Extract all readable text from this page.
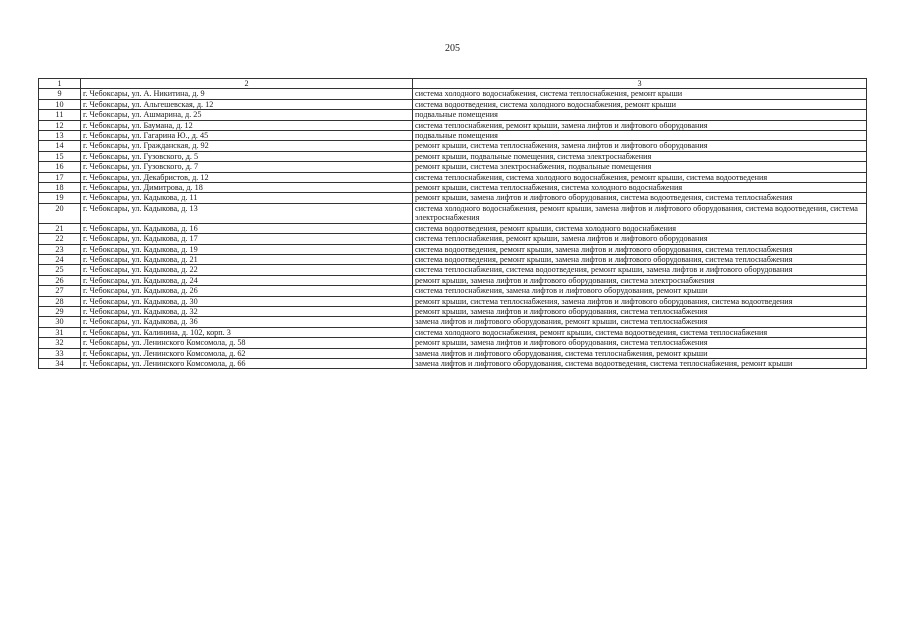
205
1	2	3
9	г. Чебоксары, ул. А. Никитина, д. 9	система холодного водоснабжения, система теплоснабжения, ремонт крыши
10	г. Чебоксары, ул. Альгешевская, д. 12	система водоотведения, система холодного водоснабжения, ремонт крыши
11	г. Чебоксары, ул. Ашмарина, д. 25	подвальные помещения
12	г. Чебоксары, ул. Баумана, д. 12	система теплоснабжения, ремонт крыши, замена лифтов и лифтового оборудования
13	г. Чебоксары, ул. Гагарина Ю., д. 45	подвальные помещения
14	г. Чебоксары, ул. Гражданская, д. 92	ремонт крыши, система теплоснабжения, замена лифтов и лифтового оборудования
15	г. Чебоксары, ул. Гузовского, д. 5	ремонт крыши, подвальные помещения, система электроснабжения
16	г. Чебоксары, ул. Гузовского, д. 7	ремонт крыши, система электроснабжения, подвальные помещения
17	г. Чебоксары, ул. Декабристов, д. 12	система теплоснабжения, система холодного водоснабжения, ремонт крыши, система водоотведения
18	г. Чебоксары, ул. Димитрова, д. 18	ремонт крыши, система теплоснабжения, система холодного водоснабжения
19	г. Чебоксары, ул. Кадыкова, д. 11	ремонт крыши, замена лифтов и лифтового оборудования, система водоотведения, система теплоснабжения
20	г. Чебоксары, ул. Кадыкова, д. 13	система холодного водоснабжения, ремонт крыши, замена лифтов и лифтового оборудования, система водоотведения, система электроснабжения
21	г. Чебоксары, ул. Кадыкова, д. 16	система водоотведения, ремонт крыши, система холодного водоснабжения
22	г. Чебоксары, ул. Кадыкова, д. 17	система теплоснабжения, ремонт крыши, замена лифтов и лифтового оборудования
23	г. Чебоксары, ул. Кадыкова, д. 19	система водоотведения, ремонт крыши, замена лифтов и лифтового оборудования, система теплоснабжения
24	г. Чебоксары, ул. Кадыкова, д. 21	система водоотведения, ремонт крыши, замена лифтов и лифтового оборудования, система теплоснабжения
25	г. Чебоксары, ул. Кадыкова, д. 22	система теплоснабжения, система водоотведения, ремонт крыши, замена лифтов и лифтового оборудования
26	г. Чебоксары, ул. Кадыкова, д. 24	ремонт крыши, замена лифтов и лифтового оборудования, система электроснабжения
27	г. Чебоксары, ул. Кадыкова, д. 26	система теплоснабжения, замена лифтов и лифтового оборудования, ремонт крыши
28	г. Чебоксары, ул. Кадыкова, д. 30	ремонт крыши, система теплоснабжения, замена лифтов и лифтового оборудования, система водоотведения
29	г. Чебоксары, ул. Кадыкова, д. 32	ремонт крыши, замена лифтов и лифтового оборудования, система теплоснабжения
30	г. Чебоксары, ул. Кадыкова, д. 36	замена лифтов и лифтового оборудования, ремонт крыши, система теплоснабжения
31	г. Чебоксары, ул. Калинина, д. 102, корп. 3	система холодного водоснабжения, ремонт крыши, система водоотведения, система теплоснабжения
32	г. Чебоксары, ул. Ленинского Комсомола, д. 58	ремонт крыши, замена лифтов и лифтового оборудования, система теплоснабжения
33	г. Чебоксары, ул. Ленинского Комсомола, д. 62	замена лифтов и лифтового оборудования, система теплоснабжения, ремонт крыши
34	г. Чебоксары, ул. Ленинского Комсомола, д. 66	замена лифтов и лифтового оборудования, система водоотведения, система теплоснабжения, ремонт крыши
